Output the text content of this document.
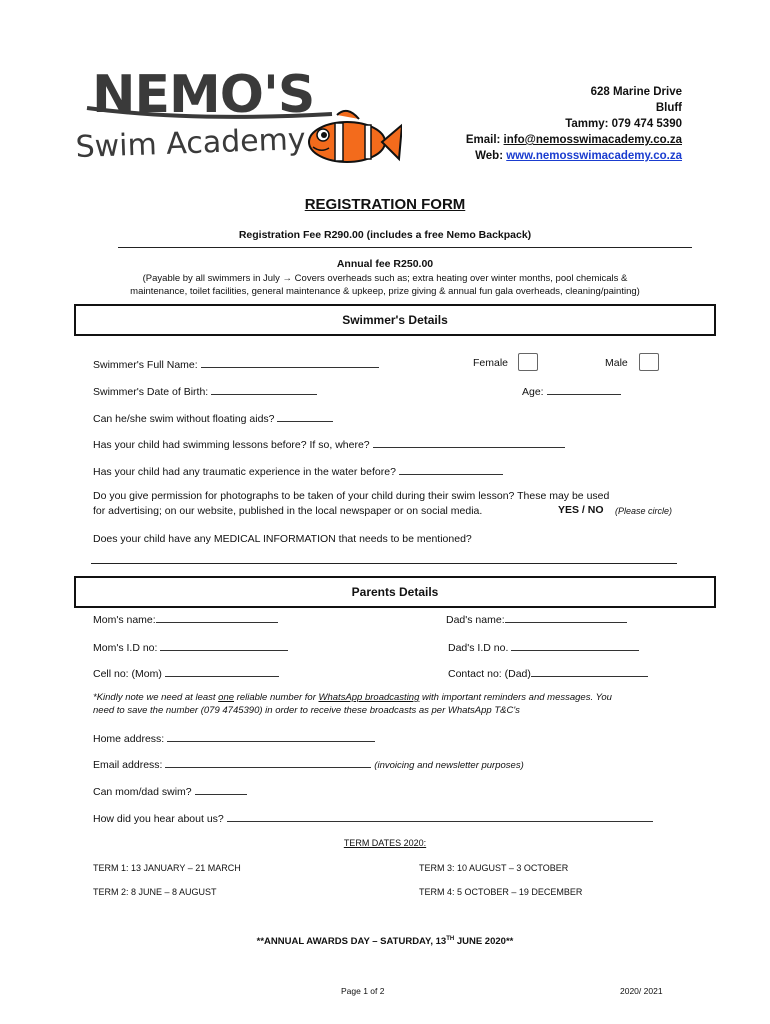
NEMO'S
Swim Academy
628 Marine Drive
Bluff
Tammy: 079 474 5390
Email: info@nemosswimacademy.co.za
Web: www.nemosswimacademy.co.za
REGISTRATION FORM
Registration Fee R290.00 (includes a free Nemo Backpack)
Annual fee R250.00
(Payable by all swimmers in July → Covers overheads such as; extra heating over winter months, pool chemicals &
maintenance, toilet facilities, general maintenance & upkeep, prize giving & annual fun gala overheads, cleaning/painting)
Swimmer's Details
Swimmer's Full Name:	Female	Male
Swimmer's Date of Birth:	Age:
Can he/she swim without floating aids?
Has your child had swimming lessons before? If so, where?
Has your child had any traumatic experience in the water before?
Do you give permission for photographs to be taken of your child during their swim lesson? These may be used
for advertising; on our website, published in the local newspaper or on social media.	YES / NO (Please circle)
Does your child have any MEDICAL INFORMATION that needs to be mentioned?
Parents Details
Mom's name:	Dad's name:
Mom's I.D no:	Dad's I.D no.
Cell no: (Mom)	Contact no: (Dad)
*Kindly note we need at least one reliable number for WhatsApp broadcasting with important reminders and messages. You
need to save the number (079 4745390) in order to receive these broadcasts as per WhatsApp T&C's
Home address:
Email address:	(invoicing and newsletter purposes)
Can mom/dad swim?
How did you hear about us?
TERM DATES 2020:
TERM 1: 13 JANUARY – 21 MARCH	TERM 3: 10 AUGUST – 3 OCTOBER
TERM 2: 8 JUNE – 8 AUGUST	TERM 4: 5 OCTOBER – 19 DECEMBER
**ANNUAL AWARDS DAY – SATURDAY, 13TH JUNE 2020**
Page 1 of 2	2020/ 2021
